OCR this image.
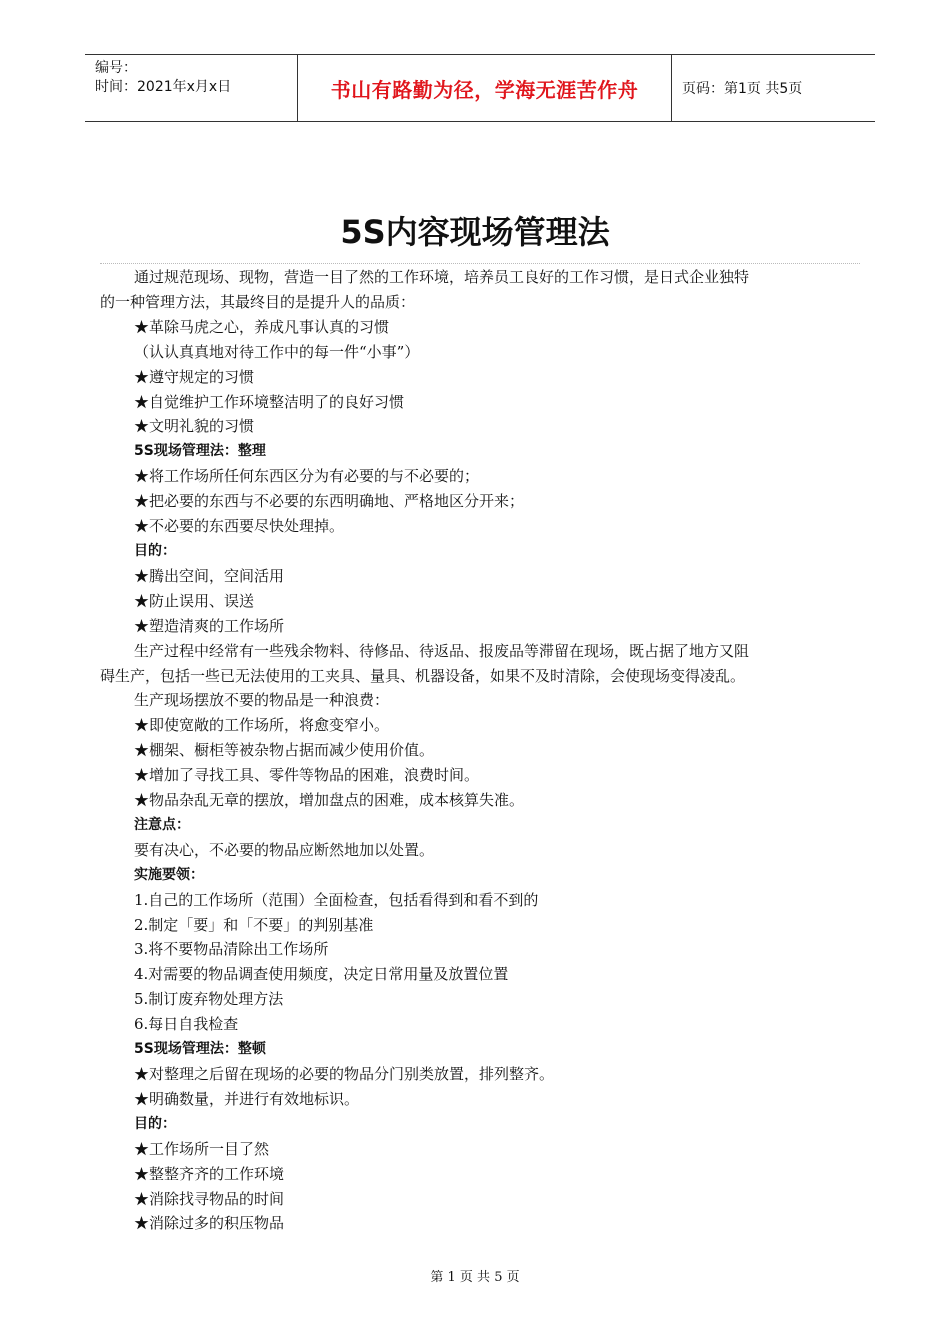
编号：
时间：2021年x月x日	书山有路勤为径，学海无涯苦作舟	页码：第1页 共5页
5S内容现场管理法
通过规范现场、现物，营造一目了然的工作环境，培养员工良好的工作习惯，是日式企业独特
的一种管理方法，其最终目的是提升人的品质：
★革除马虎之心，养成凡事认真的习惯
（认认真真地对待工作中的每一件“小事”）
★遵守规定的习惯
★自觉维护工作环境整洁明了的良好习惯
★文明礼貌的习惯
5S现场管理法：整理
★将工作场所任何东西区分为有必要的与不必要的；
★把必要的东西与不必要的东西明确地、严格地区分开来；
★不必要的东西要尽快处理掉。
目的：
★腾出空间，空间活用
★防止误用、误送
★塑造清爽的工作场所
生产过程中经常有一些残余物料、待修品、待返品、报废品等滞留在现场，既占据了地方又阻
碍生产，包括一些已无法使用的工夹具、量具、机器设备，如果不及时清除，会使现场变得凌乱。
生产现场摆放不要的物品是一种浪费：
★即使宽敞的工作场所，将愈变窄小。
★棚架、橱柜等被杂物占据而减少使用价值。
★增加了寻找工具、零件等物品的困难，浪费时间。
★物品杂乱无章的摆放，增加盘点的困难，成本核算失准。
注意点：
要有决心，不必要的物品应断然地加以处置。
实施要领：
1.自己的工作场所（范围）全面检查，包括看得到和看不到的
2.制定「要」和「不要」的判别基准
3.将不要物品清除出工作场所
4.对需要的物品调查使用频度，决定日常用量及放置位置
5.制订废弃物处理方法
6.每日自我检查
5S现场管理法：整顿
★对整理之后留在现场的必要的物品分门别类放置，排列整齐。
★明确数量，并进行有效地标识。
目的：
★工作场所一目了然
★整整齐齐的工作环境
★消除找寻物品的时间
★消除过多的积压物品
第 1 页 共 5 页
